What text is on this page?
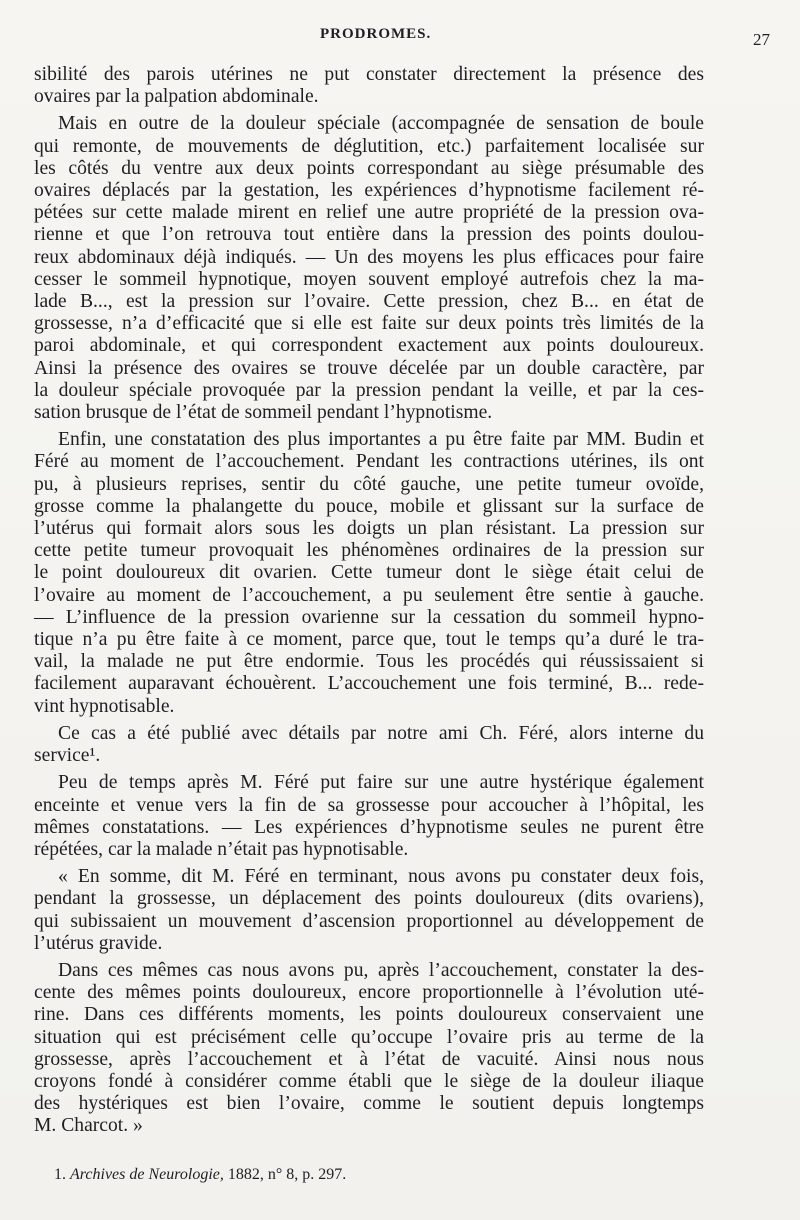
PRODROMES.	27
sibilité des parois utérines ne put constater directement la présence des
ovaires par la palpation abdominale.
Mais en outre de la douleur spéciale (accompagnée de sensation de boule
qui remonte, de mouvements de déglutition, etc.) parfaitement localisée sur
les côtés du ventre aux deux points correspondant au siège présumable des
ovaires déplacés par la gestation, les expériences d’hypnotisme facilement ré-
pétées sur cette malade mirent en relief une autre propriété de la pression ova-
rienne et que l’on retrouva tout entière dans la pression des points doulou-
reux abdominaux déjà indiqués. — Un des moyens les plus efficaces pour faire
cesser le sommeil hypnotique, moyen souvent employé autrefois chez la ma-
lade B..., est la pression sur l’ovaire. Cette pression, chez B... en état de
grossesse, n’a d’efficacité que si elle est faite sur deux points très limités de la
paroi abdominale, et qui correspondent exactement aux points douloureux.
Ainsi la présence des ovaires se trouve décelée par un double caractère, par
la douleur spéciale provoquée par la pression pendant la veille, et par la ces-
sation brusque de l’état de sommeil pendant l’hypnotisme.
Enfin, une constatation des plus importantes a pu être faite par MM. Budin et
Féré au moment de l’accouchement. Pendant les contractions utérines, ils ont
pu, à plusieurs reprises, sentir du côté gauche, une petite tumeur ovoïde,
grosse comme la phalangette du pouce, mobile et glissant sur la surface de
l’utérus qui formait alors sous les doigts un plan résistant. La pression sur
cette petite tumeur provoquait les phénomènes ordinaires de la pression sur
le point douloureux dit ovarien. Cette tumeur dont le siège était celui de
l’ovaire au moment de l’accouchement, a pu seulement être sentie à gauche.
— L’influence de la pression ovarienne sur la cessation du sommeil hypno-
tique n’a pu être faite à ce moment, parce que, tout le temps qu’a duré le tra-
vail, la malade ne put être endormie. Tous les procédés qui réussissaient si
facilement auparavant échouèrent. L’accouchement une fois terminé, B... rede-
vint hypnotisable.
Ce cas a été publié avec détails par notre ami Ch. Féré, alors interne du
service¹.
Peu de temps après M. Féré put faire sur une autre hystérique également
enceinte et venue vers la fin de sa grossesse pour accoucher à l’hôpital, les
mêmes constatations. — Les expériences d’hypnotisme seules ne purent être
répétées, car la malade n’était pas hypnotisable.
« En somme, dit M. Féré en terminant, nous avons pu constater deux fois,
pendant la grossesse, un déplacement des points douloureux (dits ovariens),
qui subissaient un mouvement d’ascension proportionnel au développement de
l’utérus gravide.
Dans ces mêmes cas nous avons pu, après l’accouchement, constater la des-
cente des mêmes points douloureux, encore proportionnelle à l’évolution uté-
rine. Dans ces différents moments, les points douloureux conservaient une
situation qui est précisément celle qu’occupe l’ovaire pris au terme de la
grossesse, après l’accouchement et à l’état de vacuité. Ainsi nous nous
croyons fondé à considérer comme établi que le siège de la douleur iliaque
des hystériques est bien l’ovaire, comme le soutient depuis longtemps
M. Charcot. »
1. Archives de Neurologie, 1882, n° 8, p. 297.
